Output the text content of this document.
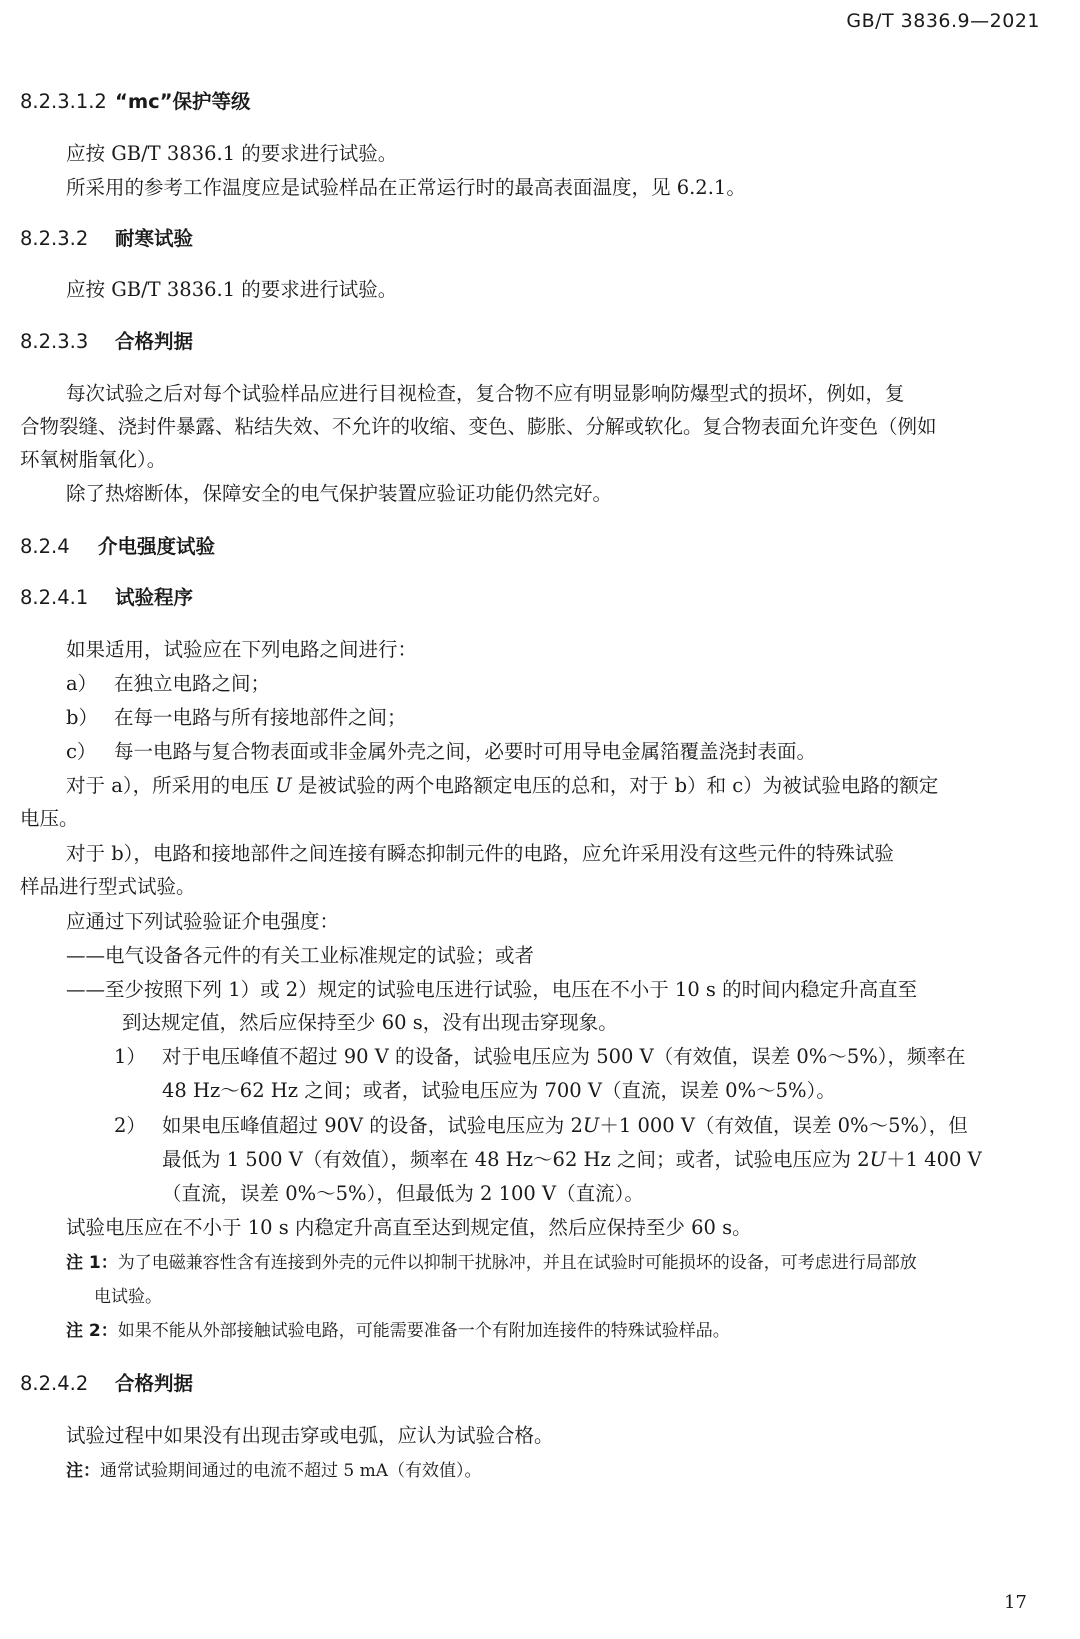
GB/T 3836.9—2021
8.2.3.1.2 “mc”保护等级
应按 GB/T 3836.1 的要求进行试验。
所采用的参考工作温度应是试验样品在正常运行时的最高表面温度，见 6.2.1。
8.2.3.2 耐寒试验
应按 GB/T 3836.1 的要求进行试验。
8.2.3.3 合格判据
每次试验之后对每个试验样品应进行目视检查，复合物不应有明显影响防爆型式的损坏，例如，复
合物裂缝、浇封件暴露、粘结失效、不允许的收缩、变色、膨胀、分解或软化。复合物表面允许变色（例如
环氧树脂氧化）。
除了热熔断体，保障安全的电气保护装置应验证功能仍然完好。
8.2.4 介电强度试验
8.2.4.1 试验程序
如果适用，试验应在下列电路之间进行：
a） 在独立电路之间；
b） 在每一电路与所有接地部件之间；
c） 每一电路与复合物表面或非金属外壳之间，必要时可用导电金属箔覆盖浇封表面。
对于 a），所采用的电压 U 是被试验的两个电路额定电压的总和，对于 b）和 c）为被试验电路的额定
电压。
对于 b），电路和接地部件之间连接有瞬态抑制元件的电路，应允许采用没有这些元件的特殊试验
样品进行型式试验。
应通过下列试验验证介电强度：
——电气设备各元件的有关工业标准规定的试验；或者
——至少按照下列 1）或 2）规定的试验电压进行试验，电压在不小于 10 s 的时间内稳定升高直至
到达规定值，然后应保持至少 60 s，没有出现击穿现象。
1） 对于电压峰值不超过 90 V 的设备，试验电压应为 500 V（有效值，误差 0%～5%），频率在
48 Hz～62 Hz 之间；或者，试验电压应为 700 V（直流，误差 0%～5%）。
2） 如果电压峰值超过 90V 的设备，试验电压应为 2U＋1 000 V（有效值，误差 0%～5%），但
最低为 1 500 V（有效值），频率在 48 Hz～62 Hz 之间；或者，试验电压应为 2U＋1 400 V
（直流，误差 0%～5%），但最低为 2 100 V（直流）。
试验电压应在不小于 10 s 内稳定升高直至达到规定值，然后应保持至少 60 s。
注 1：为了电磁兼容性含有连接到外壳的元件以抑制干扰脉冲，并且在试验时可能损坏的设备，可考虑进行局部放
电试验。
注 2：如果不能从外部接触试验电路，可能需要准备一个有附加连接件的特殊试验样品。
8.2.4.2 合格判据
试验过程中如果没有出现击穿或电弧，应认为试验合格。
注：通常试验期间通过的电流不超过 5 mA（有效值）。
17
